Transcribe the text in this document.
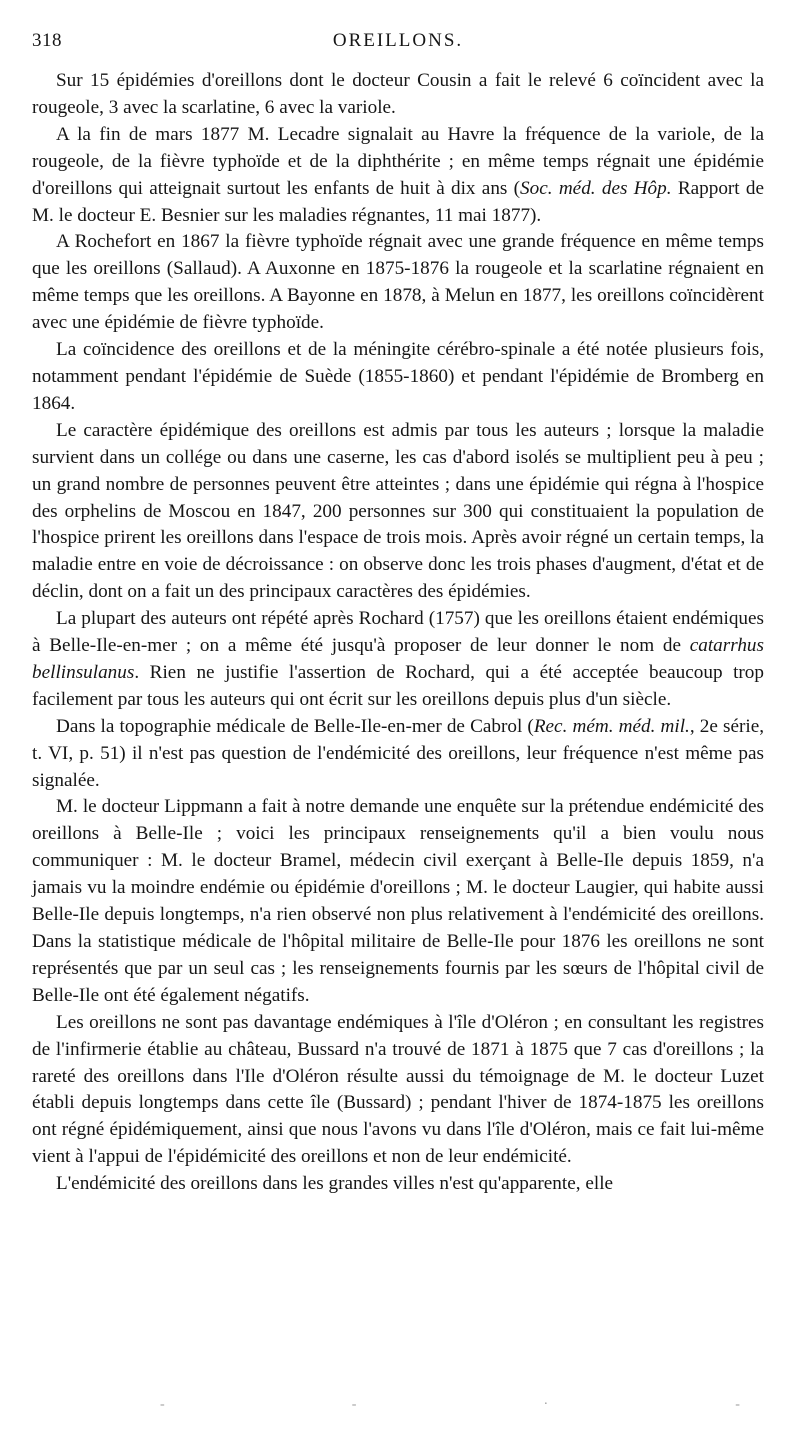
318	OREILLONS.

Sur 15 épidémies d'oreillons dont le docteur Cousin a fait le relevé 6 coïncident avec la rougeole, 3 avec la scarlatine, 6 avec la variole.

A la fin de mars 1877 M. Lecadre signalait au Havre la fréquence de la variole, de la rougeole, de la fièvre typhoïde et de la diphthérite ; en même temps régnait une épidémie d'oreillons qui atteignait surtout les enfants de huit à dix ans (Soc. méd. des Hôp. Rapport de M. le docteur E. Besnier sur les maladies régnantes, 11 mai 1877).

A Rochefort en 1867 la fièvre typhoïde régnait avec une grande fréquence en même temps que les oreillons (Sallaud). A Auxonne en 1875-1876 la rougeole et la scarlatine régnaient en même temps que les oreillons. A Bayonne en 1878, à Melun en 1877, les oreillons coïncidèrent avec une épidémie de fièvre typhoïde.

La coïncidence des oreillons et de la méningite cérébro-spinale a été notée plusieurs fois, notamment pendant l'épidémie de Suède (1855-1860) et pendant l'épidémie de Bromberg en 1864.

Le caractère épidémique des oreillons est admis par tous les auteurs ; lorsque la maladie survient dans un collége ou dans une caserne, les cas d'abord isolés se multiplient peu à peu ; un grand nombre de personnes peuvent être atteintes ; dans une épidémie qui régna à l'hospice des orphelins de Moscou en 1847, 200 personnes sur 300 qui constituaient la population de l'hospice prirent les oreillons dans l'espace de trois mois. Après avoir régné un certain temps, la maladie entre en voie de décroissance : on observe donc les trois phases d'augment, d'état et de déclin, dont on a fait un des principaux caractères des épidémies.

La plupart des auteurs ont répété après Rochard (1757) que les oreillons étaient endémiques à Belle-Ile-en-mer ; on a même été jusqu'à proposer de leur donner le nom de catarrhus bellinsulanus. Rien ne justifie l'assertion de Rochard, qui a été acceptée beaucoup trop facilement par tous les auteurs qui ont écrit sur les oreillons depuis plus d'un siècle.

Dans la topographie médicale de Belle-Ile-en-mer de Cabrol (Rec. mém. méd. mil., 2e série, t. VI, p. 51) il n'est pas question de l'endémicité des oreillons, leur fréquence n'est même pas signalée.

M. le docteur Lippmann a fait à notre demande une enquête sur la prétendue endémicité des oreillons à Belle-Ile ; voici les principaux renseignements qu'il a bien voulu nous communiquer : M. le docteur Bramel, médecin civil exerçant à Belle-Ile depuis 1859, n'a jamais vu la moindre endémie ou épidémie d'oreillons ; M. le docteur Laugier, qui habite aussi Belle-Ile depuis longtemps, n'a rien observé non plus relativement à l'endémicité des oreillons. Dans la statistique médicale de l'hôpital militaire de Belle-Ile pour 1876 les oreillons ne sont représentés que par un seul cas ; les renseignements fournis par les sœurs de l'hôpital civil de Belle-Ile ont été également négatifs.

Les oreillons ne sont pas davantage endémiques à l'île d'Oléron ; en consultant les registres de l'infirmerie établie au château, Bussard n'a trouvé de 1871 à 1875 que 7 cas d'oreillons ; la rareté des oreillons dans l'Ile d'Oléron résulte aussi du témoignage de M. le docteur Luzet établi depuis longtemps dans cette île (Bussard) ; pendant l'hiver de 1874-1875 les oreillons ont régné épidémiquement, ainsi que nous l'avons vu dans l'île d'Oléron, mais ce fait lui-même vient à l'appui de l'épidémicité des oreillons et non de leur endémicité.

L'endémicité des oreillons dans les grandes villes n'est qu'apparente, elle

-	-	·	-
